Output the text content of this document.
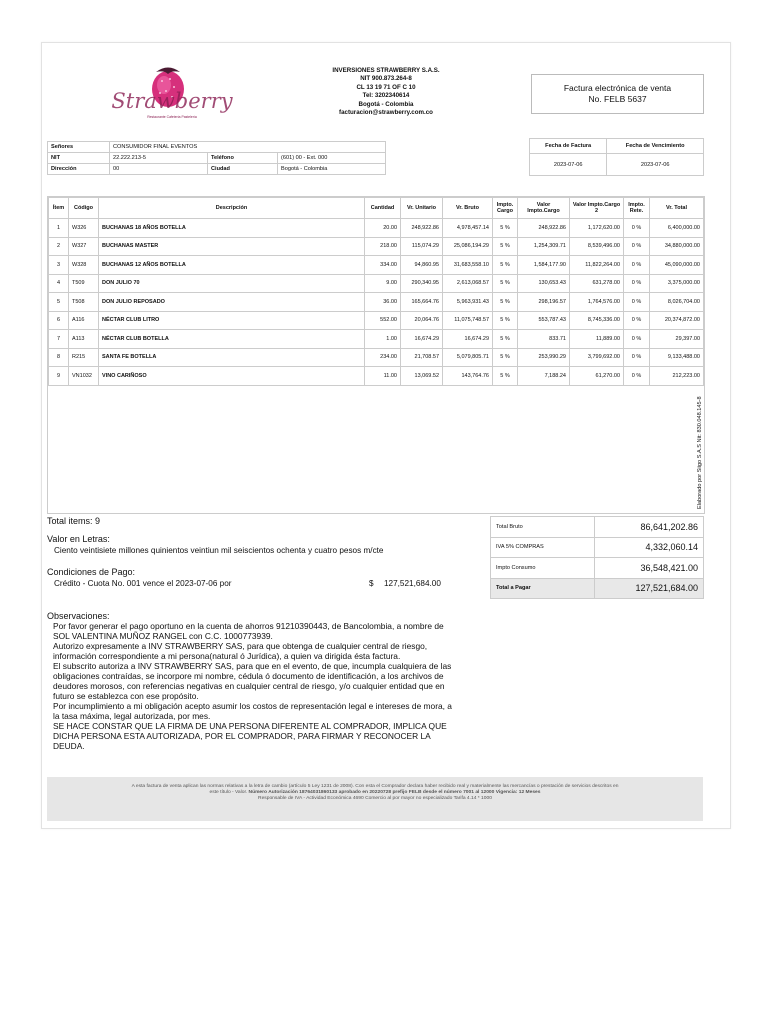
Strawberry
Restaurante Cafetería Pastelería
INVERSIONES STRAWBERRY S.A.S.
NIT 900.873.264-8
CL 13 19 71 OF C 10
Tel: 3202340614
Bogotá - Colombia
facturacion@strawberry.com.co
Factura electrónica de venta
No. FELB 5637
Señores	CONSUMIDOR FINAL EVENTOS		
NIT	22.222.213-5	Teléfono	(601) 00 - Ext. 000
Dirección	00	Ciudad	Bogotá - Colombia
Fecha de Factura	Fecha de Vencimiento
2023-07-06	2023-07-06
Ítem	Código	Descripción	Cantidad	Vr. Unitario	Vr. Bruto	Impto. Cargo	Valor Impto.Cargo	Valor Impto.Cargo 2	Impto. Rete.	Vr. Total
1	W326	BUCHANAS 18 AÑOS BOTELLA	20.00	248,922.86	4,978,457.14	5 %	248,922.86	1,172,620.00	0 %	6,400,000.00
2	W327	BUCHANAS MASTER	218.00	115,074.29	25,086,194.29	5 %	1,254,309.71	8,539,496.00	0 %	34,880,000.00
3	W328	BUCHANAS 12 AÑOS BOTELLA	334.00	94,860.95	31,683,558.10	5 %	1,584,177.90	11,822,264.00	0 %	45,090,000.00
4	T509	DON JULIO 70	9.00	290,340.95	2,613,068.57	5 %	130,653.43	631,278.00	0 %	3,375,000.00
5	T508	DON JULIO REPOSADO	36.00	165,664.76	5,963,931.43	5 %	298,196.57	1,764,576.00	0 %	8,026,704.00
6	A116	NÉCTAR CLUB LITRO	552.00	20,064.76	11,075,748.57	5 %	553,787.43	8,745,336.00	0 %	20,374,872.00
7	A113	NÉCTAR CLUB BOTELLA	1.00	16,674.29	16,674.29	5 %	833.71	11,889.00	0 %	29,397.00
8	R215	SANTA FE BOTELLA	234.00	21,708.57	5,079,805.71	5 %	253,990.29	3,799,692.00	0 %	9,133,488.00
9	VN1032	VINO CARIÑOSO	11.00	13,069.52	143,764.76	5 %	7,188.24	61,270.00	0 %	212,223.00
Elaborado por Siigo S.A.S Nit: 830.048.145-8
Total items: 9
Valor en Letras:
Ciento veintisiete millones quinientos veintiun mil seiscientos ochenta y cuatro pesos m/cte
Condiciones de Pago:
Crédito - Cuota No. 001 vence el 2023-07-06 por	$ 127,521,684.00
Total Bruto	86,641,202.86
IVA 5% COMPRAS	4,332,060.14
Impto Consumo	36,548,421.00
Total a Pagar	127,521,684.00
Observaciones:
Por favor generar el pago oportuno en la cuenta de ahorros 91210390443, de Bancolombia, a nombre de
SOL VALENTINA MUÑOZ RANGEL con C.C. 1000773939.
Autorizo expresamente a INV STRAWBERRY SAS, para que obtenga de cualquier central de riesgo,
información correspondiente a mi persona(natural ó Jurídica), a quien va dirigida ésta factura.
El subscrito autoriza a INV STRAWBERRY SAS, para que en el evento, de que, incumpla cualquiera de las
obligaciones contraídas, se incorpore mi nombre, cédula ó documento de identificación, a los archivos de
deudores morosos, con referencias negativas en cualquier central de riesgo, y/o cualquier entidad que en
futuro se establezca con ese propósito.
Por incumplimiento a mi obligación acepto asumir los costos de representación legal e intereses de mora, a
la tasa máxima, legal autorizada, por mes.
SE HACE CONSTAR QUE LA FIRMA DE UNA PERSONA DIFERENTE AL COMPRADOR, IMPLICA QUE
DICHA PERSONA ESTA AUTORIZADA, POR EL COMPRADOR, PARA FIRMAR Y RECONOCER LA
DEUDA.
A esta factura de venta aplican las normas relativas a la letra de cambio (artículo 5 Ley 1231 de 2008). Con esta el Comprador declara haber recibido real y materialmente las mercancías o prestación de servicios descritos en
este título - Valor. Número Autorización 18764031860133 aprobado en 20220728 prefijo FELB desde el número 7001 al 12000 Vigencia: 12 Meses
Responsable de IVA - Actividad Económica 4690 Comercio al por mayor no especializado Tarifa 4.14 * 1000
